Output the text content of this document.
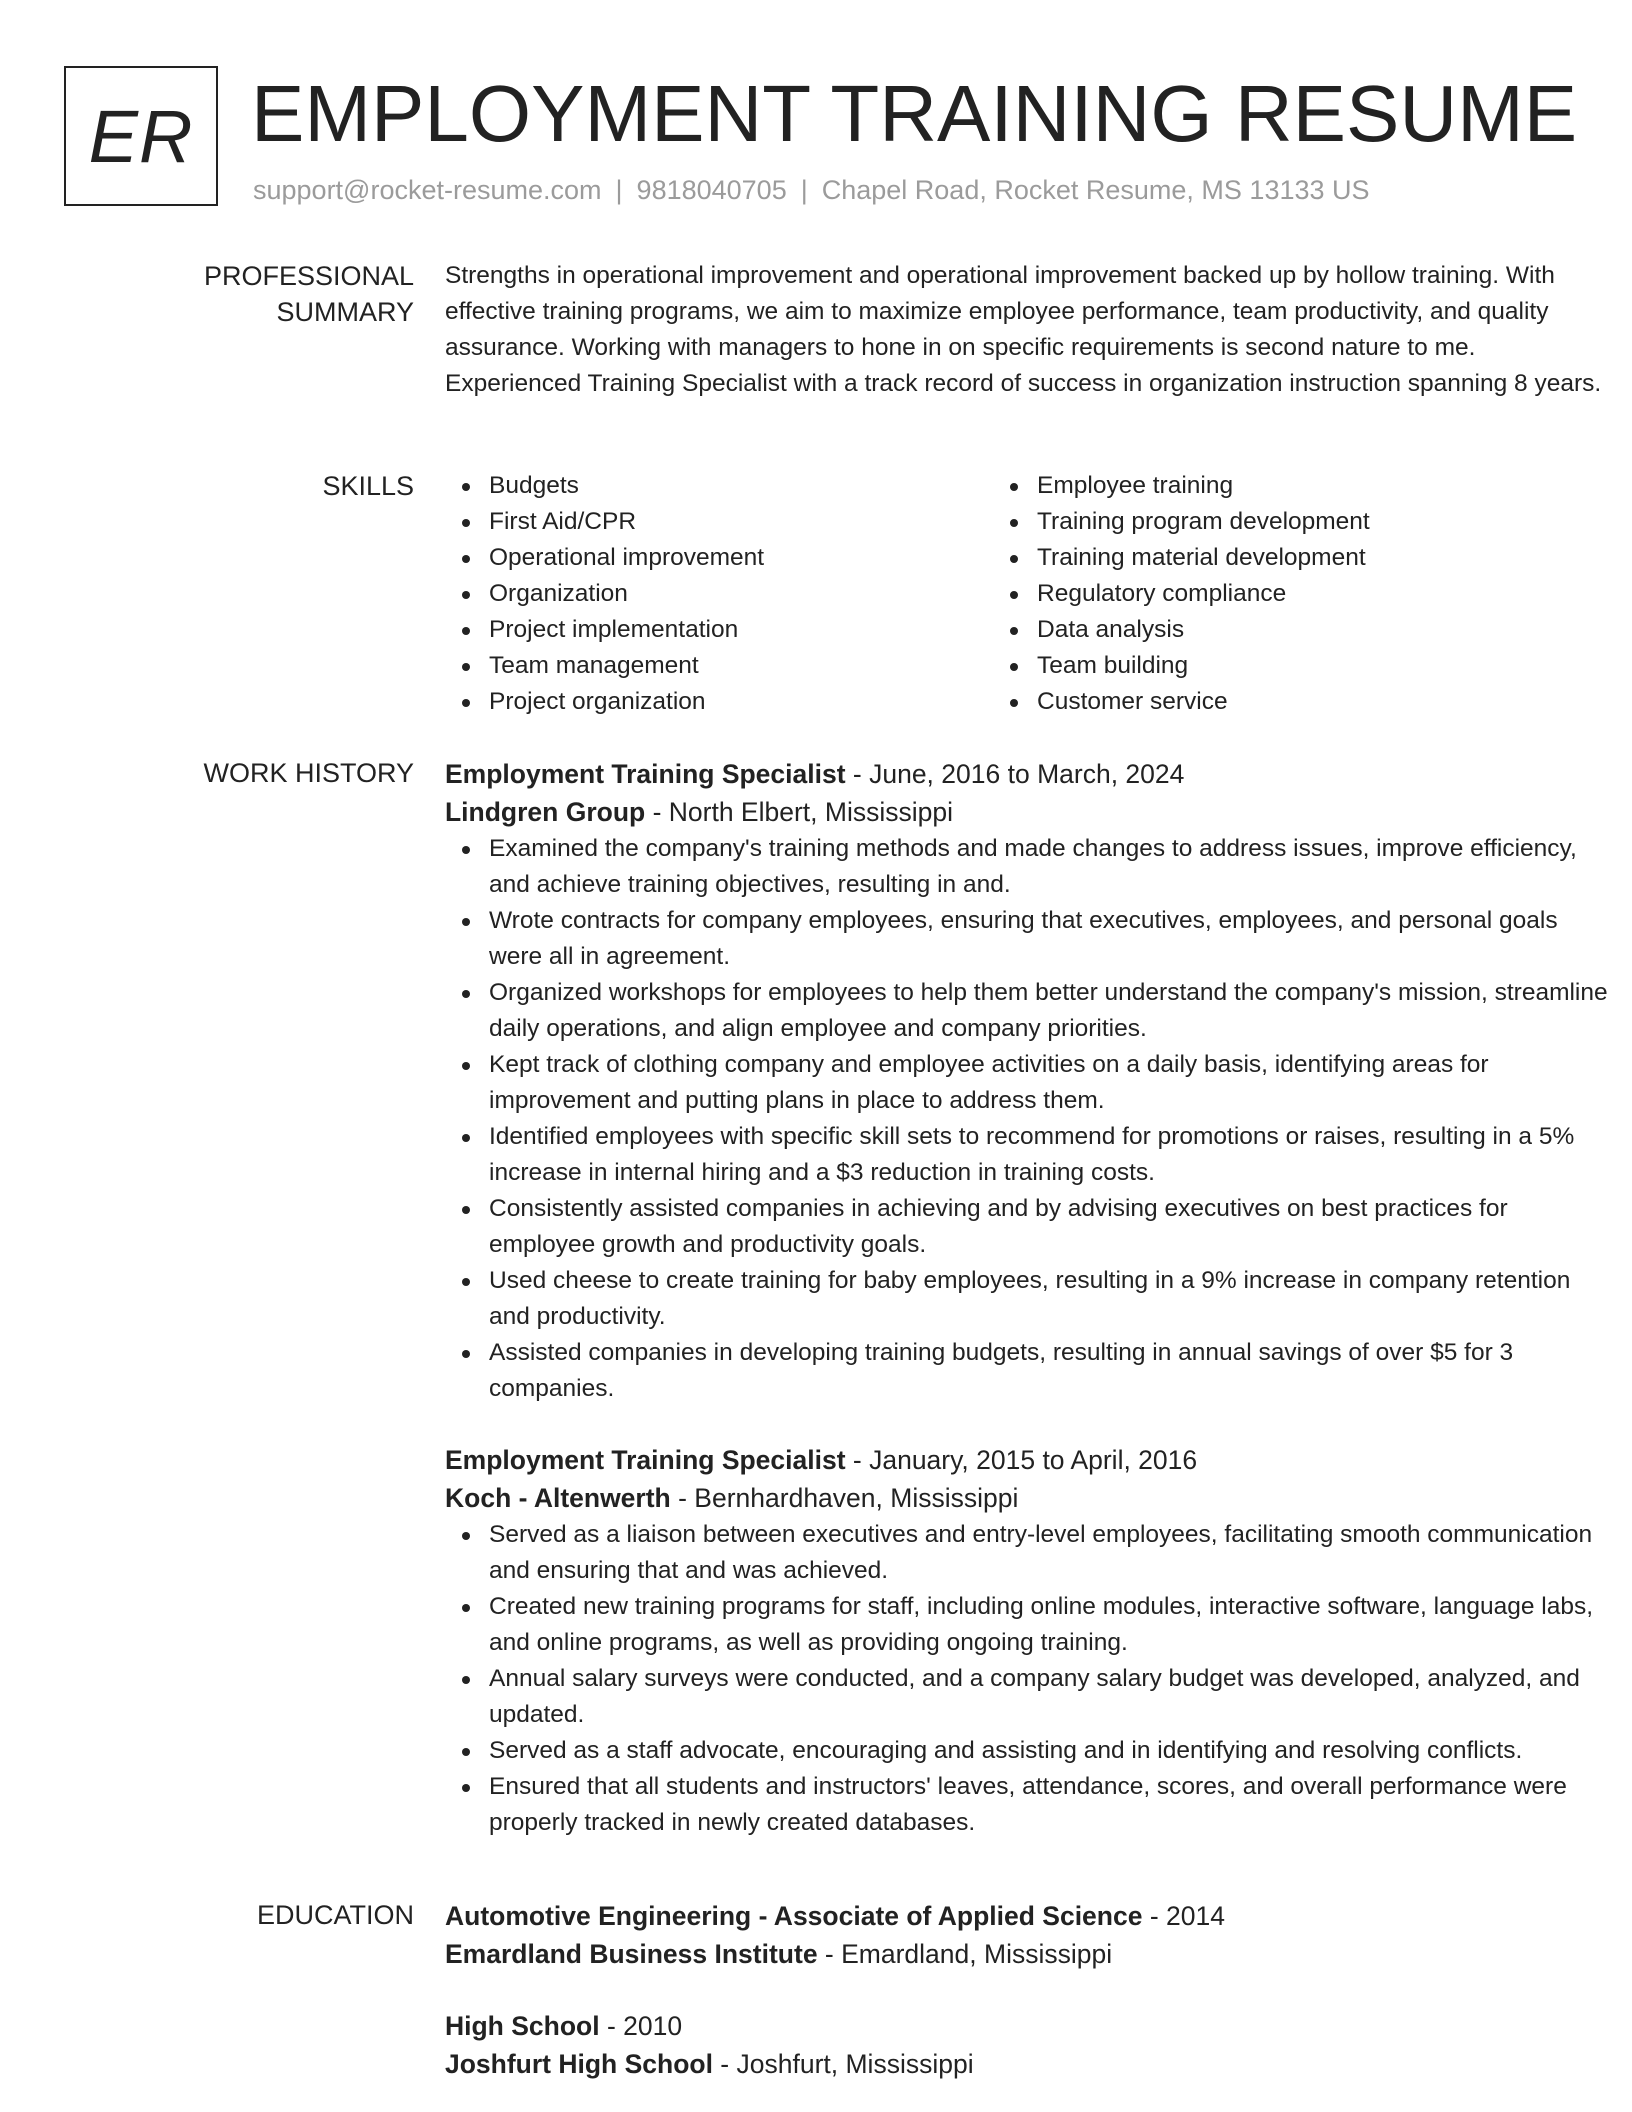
ER EMPLOYMENT TRAINING RESUME
support@rocket-resume.com | 9818040705 | Chapel Road, Rocket Resume, MS 13133 US
PROFESSIONAL SUMMARY
Strengths in operational improvement and operational improvement backed up by hollow training. With effective training programs, we aim to maximize employee performance, team productivity, and quality assurance. Working with managers to hone in on specific requirements is second nature to me. Experienced Training Specialist with a track record of success in organization instruction spanning 8 years.
SKILLS	Budgets
First Aid/CPR
Operational improvement
Organization
Project implementation
Team management
Project organization
Employee training
Training program development
Training material development
Regulatory compliance
Data analysis
Team building
Customer service
WORK HISTORY Employment Training Specialist - June, 2016 to March, 2024
Lindgren Group - North Elbert, Mississippi
Examined the company's training methods and made changes to address issues, improve efficiency, and achieve training objectives, resulting in and.
Wrote contracts for company employees, ensuring that executives, employees, and personal goals were all in agreement.
Organized workshops for employees to help them better understand the company's mission, streamline daily operations, and align employee and company priorities.
Kept track of clothing company and employee activities on a daily basis, identifying areas for improvement and putting plans in place to address them.
Identified employees with specific skill sets to recommend for promotions or raises, resulting in a 5% increase in internal hiring and a $3 reduction in training costs.
Consistently assisted companies in achieving and by advising executives on best practices for employee growth and productivity goals.
Used cheese to create training for baby employees, resulting in a 9% increase in company retention and productivity.
Assisted companies in developing training budgets, resulting in annual savings of over $5 for 3 companies.
Employment Training Specialist - January, 2015 to April, 2016
Koch - Altenwerth - Bernhardhaven, Mississippi
Served as a liaison between executives and entry-level employees, facilitating smooth communication and ensuring that and was achieved.
Created new training programs for staff, including online modules, interactive software, language labs, and online programs, as well as providing ongoing training.
Annual salary surveys were conducted, and a company salary budget was developed, analyzed, and updated.
Served as a staff advocate, encouraging and assisting and in identifying and resolving conflicts.
Ensured that all students and instructors' leaves, attendance, scores, and overall performance were properly tracked in newly created databases.
EDUCATION Automotive Engineering - Associate of Applied Science - 2014
Emardland Business Institute - Emardland, Mississippi
High School - 2010
Joshfurt High School - Joshfurt, Mississippi
